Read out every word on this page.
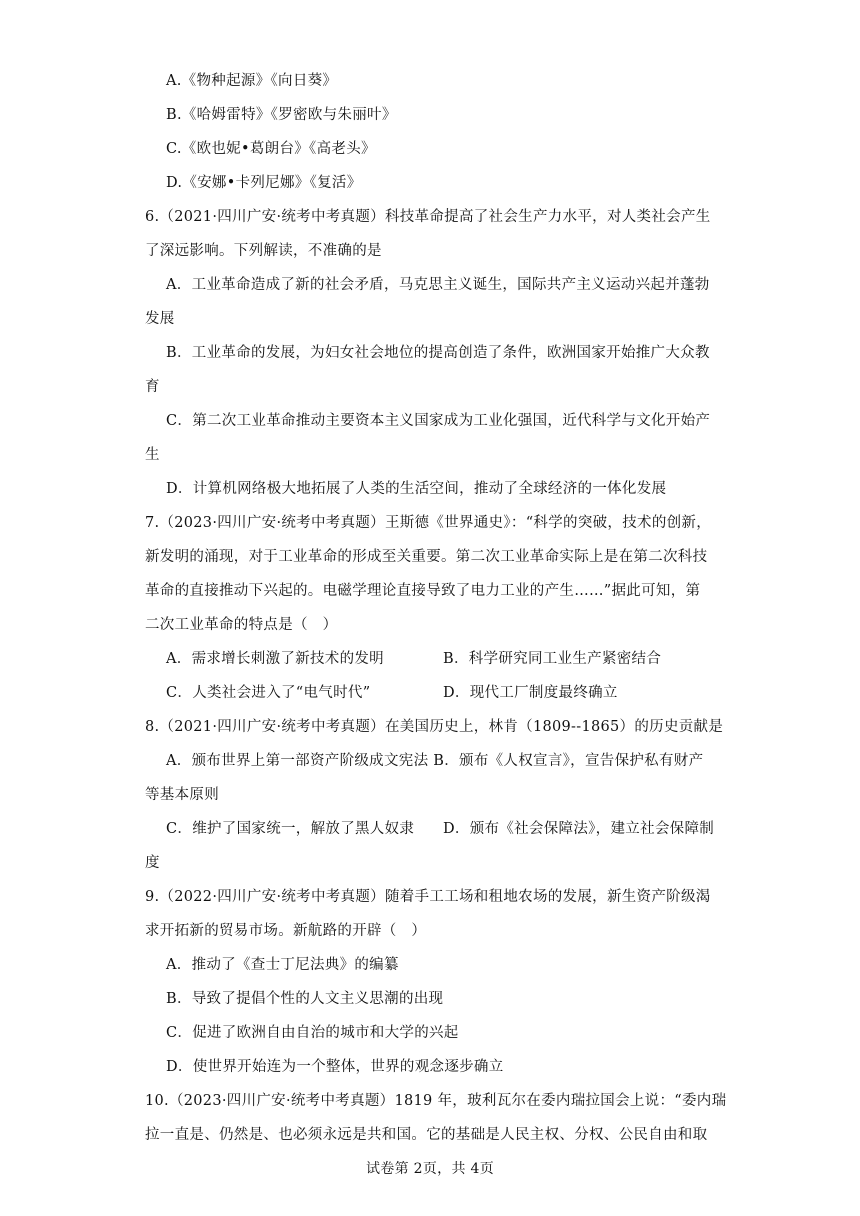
A.《物种起源》《向日葵》
B.《哈姆雷特》《罗密欧与朱丽叶》
C.《欧也妮•葛朗台》《高老头》
D.《安娜•卡列尼娜》《复活》
6.（2021·四川广安·统考中考真题）科技革命提高了社会生产力水平，对人类社会产生
了深远影响。下列解读，不准确的是
A．工业革命造成了新的社会矛盾，马克思主义诞生，国际共产主义运动兴起并蓬勃
发展
B．工业革命的发展，为妇女社会地位的提高创造了条件，欧洲国家开始推广大众教
育
C．第二次工业革命推动主要资本主义国家成为工业化强国，近代科学与文化开始产
生
D．计算机网络极大地拓展了人类的生活空间，推动了全球经济的一体化发展
7.（2023·四川广安·统考中考真题）王斯德《世界通史》：“科学的突破，技术的创新，
新发明的涌现，对于工业革命的形成至关重要。第二次工业革命实际上是在第二次科技
革命的直接推动下兴起的。电磁学理论直接导致了电力工业的产生……”据此可知，第
二次工业革命的特点是（　）
A．需求增长刺激了新技术的发明	B．科学研究同工业生产紧密结合
C．人类社会进入了“电气时代”	D．现代工厂制度最终确立
8.（2021·四川广安·统考中考真题）在美国历史上，林肯（1809--1865）的历史贡献是
A．颁布世界上第一部资产阶级成文宪法 B．颁布《人权宣言》，宣告保护私有财产
等基本原则
C．维护了国家统一，解放了黑人奴隶	D．颁布《社会保障法》，建立社会保障制
度
9.（2022·四川广安·统考中考真题）随着手工工场和租地农场的发展，新生资产阶级渴
求开拓新的贸易市场。新航路的开辟（　）
A．推动了《查士丁尼法典》的编纂
B．导致了提倡个性的人文主义思潮的出现
C．促进了欧洲自由自治的城市和大学的兴起
D．使世界开始连为一个整体，世界的观念逐步确立
10.（2023·四川广安·统考中考真题）1819 年，玻利瓦尔在委内瑞拉国会上说：“委内瑞
拉一直是、仍然是、也必须永远是共和国。它的基础是人民主权、分权、公民自由和取
试卷第 2页，共 4页
